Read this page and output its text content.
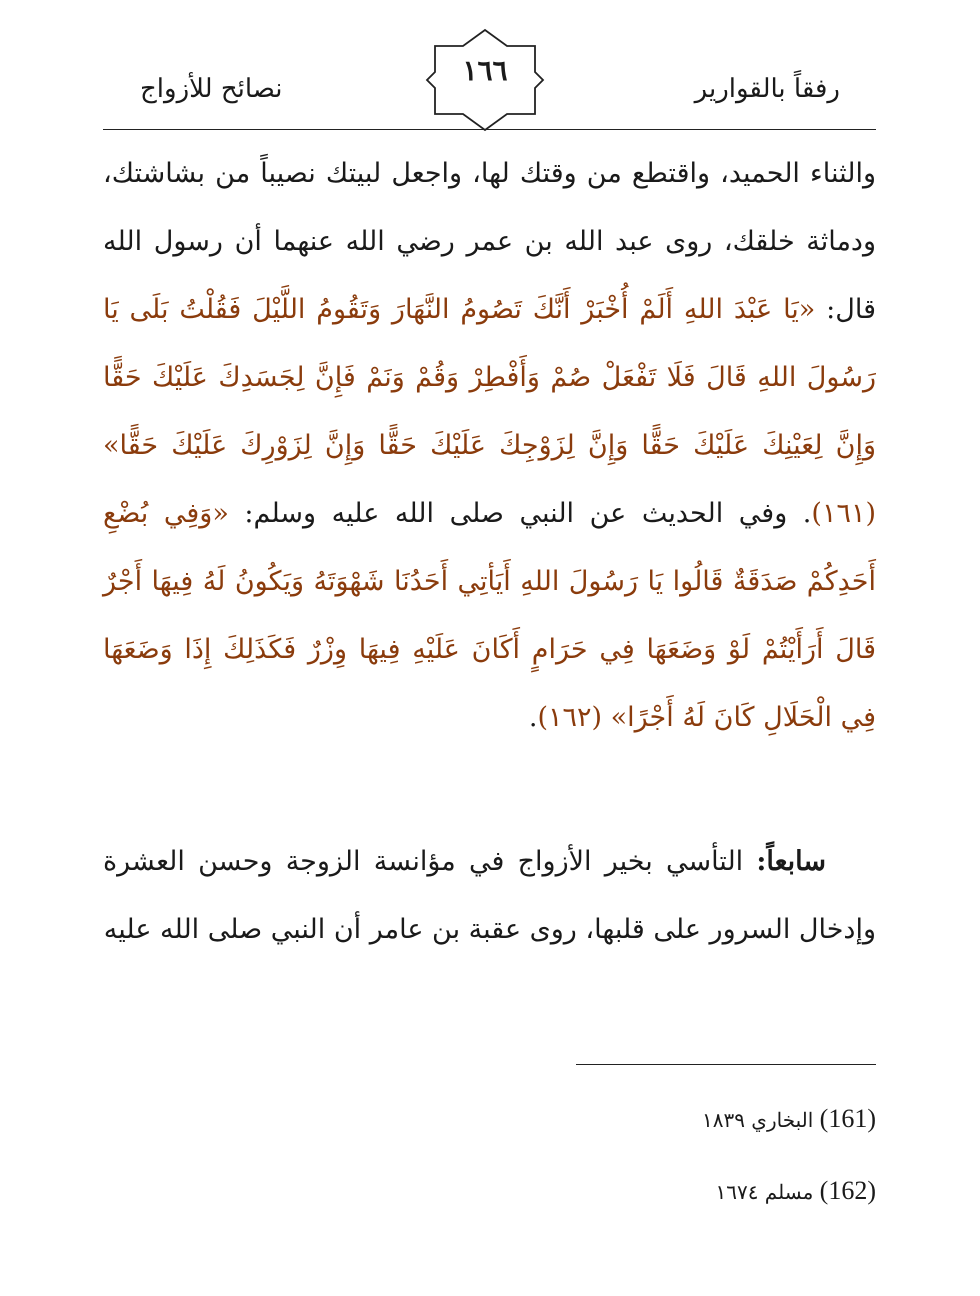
نصائح للأزواج
١٦٦
رفقاً بالقوارير
والثناء الحميد، واقتطع من وقتك لها، واجعل لبيتك نصيباً من بشاشتك، ودماثة خلقك، روى عبد الله بن عمر رضي الله عنهما أن رسول الله قال: «يَا عَبْدَ اللهِ أَلَمْ أُخْبَرْ أَنَّكَ تَصُومُ النَّهَارَ وَتَقُومُ اللَّيْلَ فَقُلْتُ بَلَى يَا رَسُولَ اللهِ قَالَ فَلَا تَفْعَلْ صُمْ وَأَفْطِرْ وَقُمْ وَنَمْ فَإِنَّ لِجَسَدِكَ عَلَيْكَ حَقًّا وَإِنَّ لِعَيْنِكَ عَلَيْكَ حَقًّا وَإِنَّ لِزَوْجِكَ عَلَيْكَ حَقًّا وَإِنَّ لِزَوْرِكَ عَلَيْكَ حَقًّا» (١٦١). وفي الحديث عن النبي صلى الله عليه وسلم: «وَفِي بُضْعِ أَحَدِكُمْ صَدَقَةٌ قَالُوا يَا رَسُولَ اللهِ أَيَأتِي أَحَدُنَا شَهْوَتَهُ وَيَكُونُ لَهُ فِيهَا أَجْرٌ قَالَ أَرَأَيْتُمْ لَوْ وَضَعَهَا فِي حَرَامٍ أَكَانَ عَلَيْهِ فِيهَا وِزْرٌ فَكَذَلِكَ إِذَا وَضَعَهَا فِي الْحَلَالِ كَانَ لَهُ أَجْرًا» (١٦٢).
سابعاً: التأسي بخير الأزواج في مؤانسة الزوجة وحسن العشرة وإدخال السرور على قلبها، روى عقبة بن عامر أن النبي صلى الله عليه
(161) البخاري ١٨٣٩
(162) مسلم ١٦٧٤
